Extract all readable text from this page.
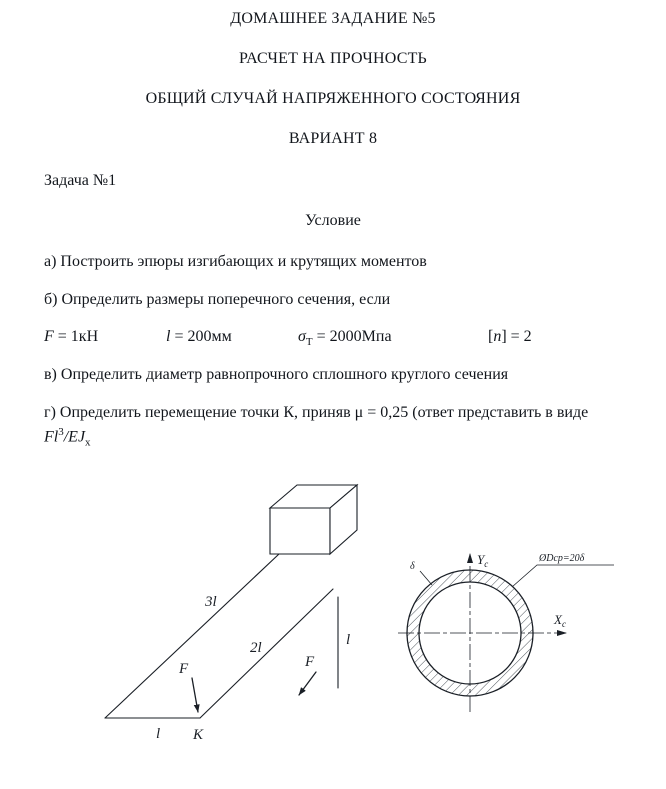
ДОМАШНЕЕ ЗАДАНИЕ №5
РАСЧЕТ НА ПРОЧНОСТЬ
ОБЩИЙ СЛУЧАЙ НАПРЯЖЕННОГО СОСТОЯНИЯ
ВАРИАНТ 8

Задача №1

Условие

а) Построить эпюры изгибающих и крутящих моментов

б) Определить размеры поперечного сечения, если

F = 1кН	l = 200мм	$\sigma_Т = 2000Мпа$	[n] = 2

в) Определить диаметр равнопрочного сплошного круглого сечения

г) Определить перемещение точки К, приняв μ = 0,25 (ответ представить в виде $Fl^3/EJ_x$

3l
2l
l
l
F	F
K
$Y_c$
$X_c$
ØDср=20δ
δ
